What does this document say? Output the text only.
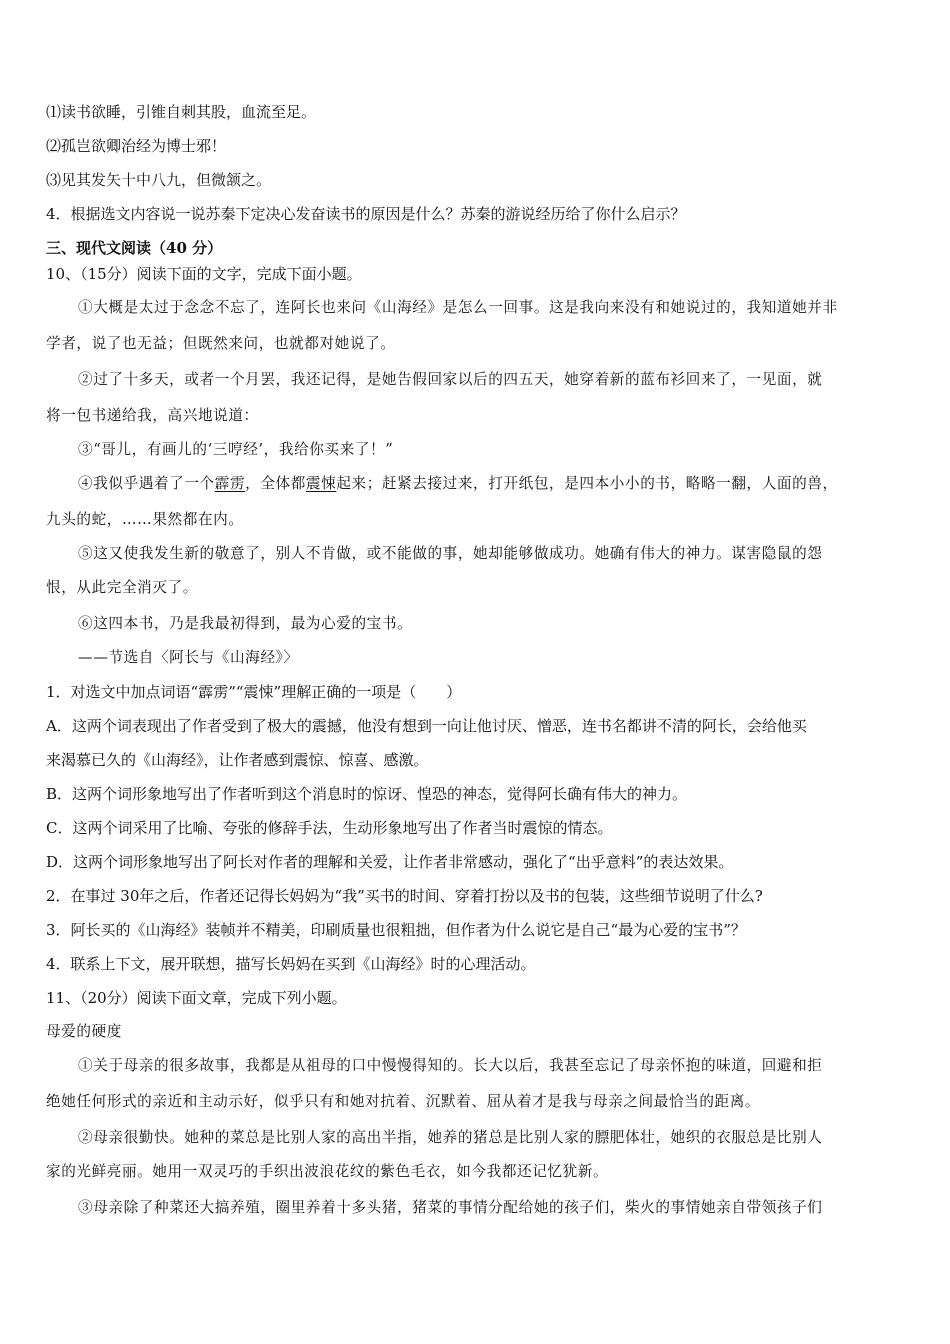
⑴读书欲睡，引锥自刺其股，血流至足。
⑵孤岂欲卿治经为博士邪！
⑶见其发矢十中八九，但微颔之。
4．根据选文内容说一说苏秦下定决心发奋读书的原因是什么？苏秦的游说经历给了你什么启示？
三、现代文阅读（40 分）
10、（15分）阅读下面的文字，完成下面小题。
①大概是太过于念念不忘了，连阿长也来问《山海经》是怎么一回事。这是我向来没有和她说过的，我知道她并非
学者，说了也无益；但既然来问，也就都对她说了。
②过了十多天，或者一个月罢，我还记得，是她告假回家以后的四五天，她穿着新的蓝布衫回来了，一见面，就
将一包书递给我，高兴地说道：
③“哥儿，有画儿的‘三哼经’，我给你买来了！”
④我似乎遇着了一个霹雳，全体都震悚起来；赶紧去接过来，打开纸包，是四本小小的书，略略一翻，人面的兽，
九头的蛇，……果然都在内。
⑤这又使我发生新的敬意了，别人不肯做，或不能做的事，她却能够做成功。她确有伟大的神力。谋害隐鼠的怨
恨，从此完全消灭了。
⑥这四本书，乃是我最初得到，最为心爱的宝书。
——节选自〈阿长与《山海经》〉
1．对选文中加点词语“霹雳”“震悚”理解正确的一项是（　　）
A．这两个词表现出了作者受到了极大的震撼，他没有想到一向让他讨厌、憎恶，连书名都讲不清的阿长，会给他买
来渴慕已久的《山海经》，让作者感到震惊、惊喜、感激。
B．这两个词形象地写出了作者听到这个消息时的惊讶、惶恐的神态，觉得阿长确有伟大的神力。
C．这两个词采用了比喻、夸张的修辞手法，生动形象地写出了作者当时震惊的情态。
D．这两个词形象地写出了阿长对作者的理解和关爱，让作者非常感动，强化了“出乎意料”的表达效果。
2．在事过 30年之后，作者还记得长妈妈为“我”买书的时间、穿着打扮以及书的包装，这些细节说明了什么?
3．阿长买的《山海经》装帧并不精美，印刷质量也很粗拙，但作者为什么说它是自己“最为心爱的宝书”？
4．联系上下文，展开联想，描写长妈妈在买到《山海经》时的心理活动。
11、（20分）阅读下面文章，完成下列小题。
母爱的硬度
①关于母亲的很多故事，我都是从祖母的口中慢慢得知的。长大以后，我甚至忘记了母亲怀抱的味道，回避和拒
绝她任何形式的亲近和主动示好，似乎只有和她对抗着、沉默着、屈从着才是我与母亲之间最恰当的距离。
②母亲很勤快。她种的菜总是比别人家的高出半指，她养的猪总是比别人家的膘肥体壮，她织的衣服总是比别人
家的光鲜亮丽。她用一双灵巧的手织出波浪花纹的紫色毛衣，如今我都还记忆犹新。
③母亲除了种菜还大搞养殖，圈里养着十多头猪，猪菜的事情分配给她的孩子们，柴火的事情她亲自带领孩子们
